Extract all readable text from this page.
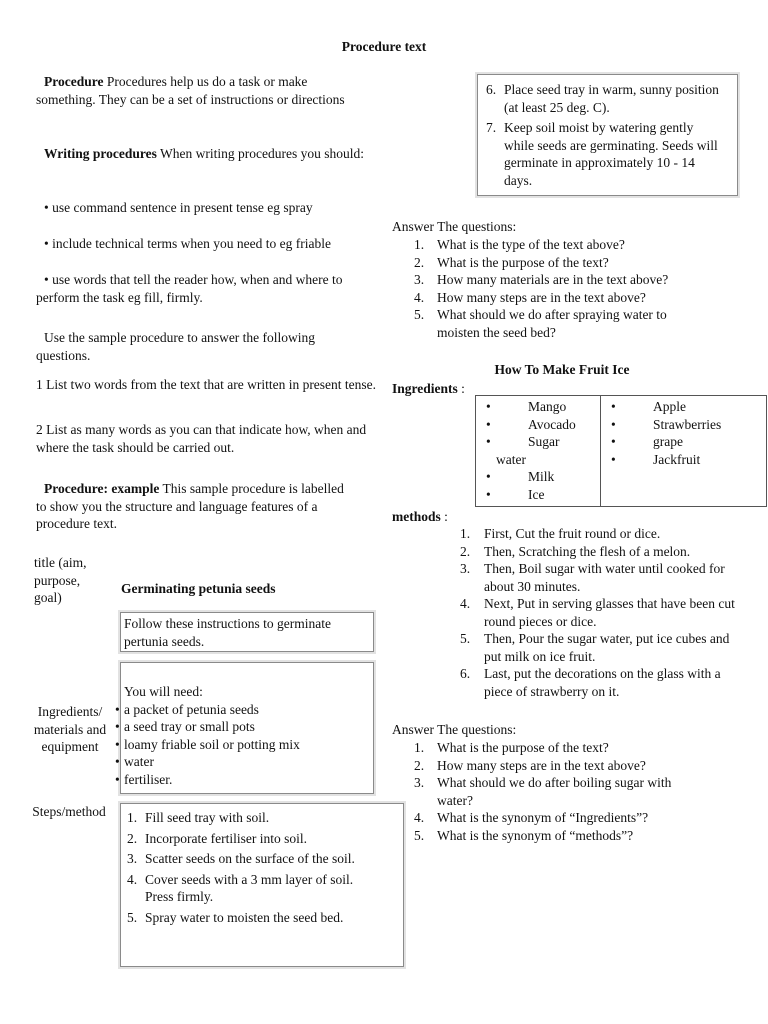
Procedure text
Procedure Procedures help us do a task or make something. They can be a set of instructions or directions
Writing procedures When writing procedures you should:
• use command sentence in present tense eg spray
• include technical terms when you need to eg friable
• use words that tell the reader how, when and where to perform the task eg fill, firmly.
Use the sample procedure to answer the following questions.
1 List two words from the text that are written in present tense.
2 List as many words as you can that indicate how, when and where the task should be carried out.
Procedure: example This sample procedure is labelled to show you the structure and language features of a procedure text.
title (aim, purpose, goal)
Ingredients/ materials and equipment
Steps/method
Germinating petunia seeds
Follow these instructions to germinate pertunia seeds.
You will need:
• a packet of petunia seeds
• a seed tray or small pots
• loamy friable soil or potting mix
• water
• fertiliser.
1. Fill seed tray with soil.
2. Incorporate fertiliser into soil.
3. Scatter seeds on the surface of the soil.
4. Cover seeds with a 3 mm layer of soil. Press firmly.
5. Spray water to moisten the seed bed.
6. Place seed tray in warm, sunny position (at least 25 deg. C).
7. Keep soil moist by watering gently while seeds are germinating. Seeds will germinate in approximately 10 - 14 days.
Answer The questions:
1. What is the type of the text above?
2. What is the purpose of the text?
3. How many materials are in the text above?
4. How many steps are in the text above?
5. What should we do after spraying water to moisten the seed bed?
How To Make Fruit Ice
Ingredients :
•	Mango
•	Avocado
•	Sugar water
•	Milk
•	Ice

•	Apple
•	Strawberries
•	grape
•	Jackfruit
methods :
1. First, Cut the fruit round or dice.
2. Then, Scratching the flesh of a melon.
3. Then, Boil sugar with water until cooked for about 30 minutes.
4. Next, Put in serving glasses that have been cut round pieces or dice.
5. Then, Pour the sugar water, put ice cubes and put milk on ice fruit.
6. Last, put the decorations on the glass with a piece of strawberry on it.
Answer The questions:
1. What is the purpose of the text?
2. How many steps are in the text above?
3. What should we do after boiling sugar with water?
4. What is the synonym of “Ingredients”?
5. What is the synonym of “methods”?
